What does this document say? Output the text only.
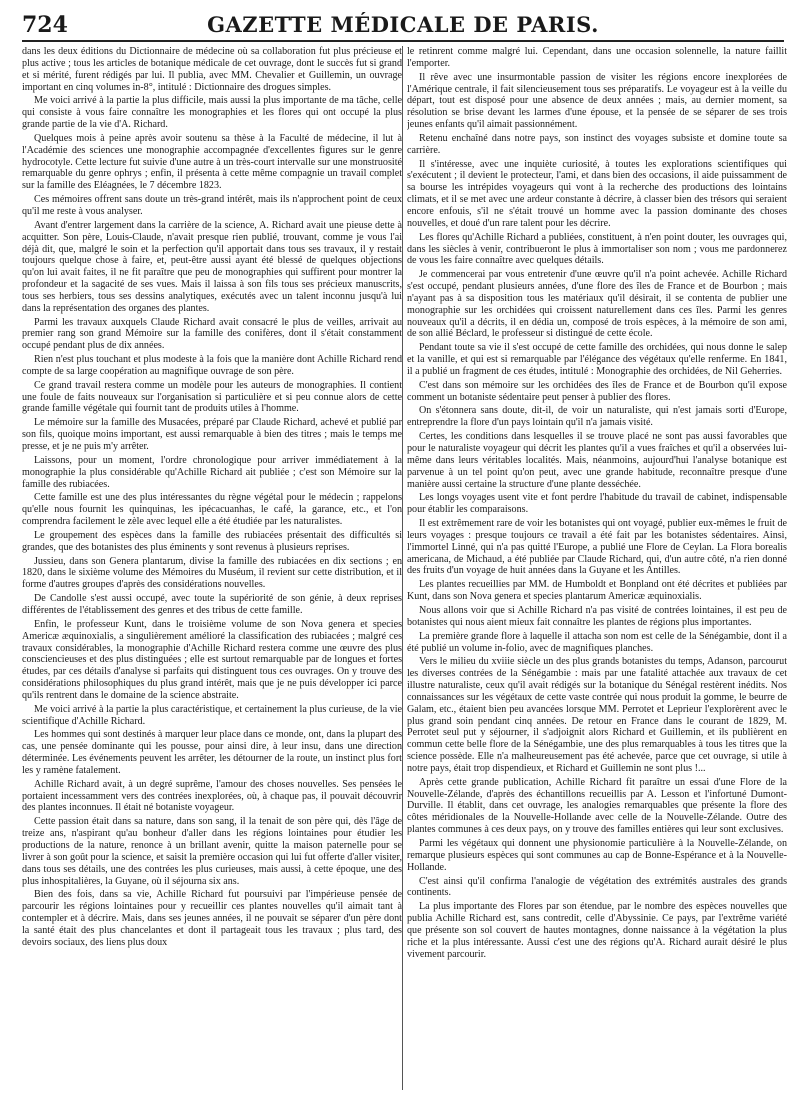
724	GAZETTE MÉDICALE DE PARIS.

dans les deux éditions du Dictionnaire de médecine où sa collaboration fut plus précieuse et plus active ; tous les articles de botanique médicale de cet ouvrage, dont le succès fut si grand et si mérité, furent rédigés par lui. Il publia, avec MM. Chevalier et Guillemin, un ouvrage important en cinq volumes in-8°, intitulé : Dictionnaire des drogues simples.

Me voici arrivé à la partie la plus difficile, mais aussi la plus importante de ma tâche, celle qui consiste à vous faire connaître les monographies et les flores qui ont occupé la plus grande partie de la vie d'A. Richard.

Quelques mois à peine après avoir soutenu sa thèse à la Faculté de médecine, il lut à l'Académie des sciences une monographie accompagnée d'excellentes figures sur le genre hydrocotyle. Cette lecture fut suivie d'une autre à un très-court intervalle sur une monstruosité remarquable du genre ophrys ; enfin, il présenta à cette même compagnie un travail complet sur la famille des Eléagnées, le 7 décembre 1823.

Ces mémoires offrent sans doute un très-grand intérêt, mais ils n'approchent point de ceux qu'il me reste à vous analyser.

Avant d'entrer largement dans la carrière de la science, A. Richard avait une pieuse dette à acquitter. Son père, Louis-Claude, n'avait presque rien publié, trouvant, comme je vous l'ai déjà dit, que, malgré le soin et la perfection qu'il apportait dans tous ses travaux, il y restait toujours quelque chose à faire, et, peut-être aussi ayant été blessé de quelques objections qu'on lui avait faites, il ne fit paraître que peu de monographies qui suffirent pour montrer la profondeur et la sagacité de ses vues. Mais il laissa à son fils tous ses précieux manuscrits, tous ses herbiers, tous ses dessins analytiques, exécutés avec un talent inconnu jusqu'à lui dans la représentation des organes des plantes.

Parmi les travaux auxquels Claude Richard avait consacré le plus de veilles, arrivait au premier rang son grand Mémoire sur la famille des conifères, dont il s'était constamment occupé pendant plus de dix années.

Rien n'est plus touchant et plus modeste à la fois que la manière dont Achille Richard rend compte de sa large coopération au magnifique ouvrage de son père.

Ce grand travail restera comme un modèle pour les auteurs de monographies. Il contient une foule de faits nouveaux sur l'organisation si particulière et si peu connue alors de cette grande famille végétale qui fournit tant de produits utiles à l'homme.

Le mémoire sur la famille des Musacées, préparé par Claude Richard, achevé et publié par son fils, quoique moins important, est aussi remarquable à bien des titres ; mais le temps me presse, et je ne puis m'y arrêter.

Laissons, pour un moment, l'ordre chronologique pour arriver immédiatement à la monographie la plus considérable qu'Achille Richard ait publiée ; c'est son Mémoire sur la famille des rubiacées.

Cette famille est une des plus intéressantes du règne végétal pour le médecin ; rappelons qu'elle nous fournit les quinquinas, les ipécacuanhas, le café, la garance, etc., et l'on comprendra facilement le zèle avec lequel elle a été étudiée par les naturalistes.

Le groupement des espèces dans la famille des rubiacées présentait des difficultés si grandes, que des botanistes des plus éminents y sont revenus à plusieurs reprises.

Jussieu, dans son Genera plantarum, divise la famille des rubiacées en dix sections ; en 1820, dans le sixième volume des Mémoires du Muséum, il revient sur cette distribution, et il forme d'autres groupes d'après des considérations nouvelles.

De Candolle s'est aussi occupé, avec toute la supériorité de son génie, à deux reprises différentes de l'établissement des genres et des tribus de cette famille.

Enfin, le professeur Kunt, dans le troisième volume de son Nova genera et species Americæ æquinoxialis, a singulièrement amélioré la classification des rubiacées ; malgré ces travaux considérables, la monographie d'Achille Richard restera comme une œuvre des plus consciencieuses et des plus distinguées ; elle est surtout remarquable par de longues et fortes études, par ces détails d'analyse si parfaits qui distinguent tous ces ouvrages. On y trouve des considérations philosophiques du plus grand intérêt, mais que je ne puis développer ici parce qu'ils rentrent dans le domaine de la science abstraite.

Me voici arrivé à la partie la plus caractéristique, et certainement la plus curieuse, de la vie scientifique d'Achille Richard.

Les hommes qui sont destinés à marquer leur place dans ce monde, ont, dans la plupart des cas, une pensée dominante qui les pousse, pour ainsi dire, à leur insu, dans une direction déterminée. Les événements peuvent les arrêter, les détourner de la route, un instinct plus fort les y ramène fatalement.

Achille Richard avait, à un degré suprême, l'amour des choses nouvelles. Ses pensées le portaient incessamment vers des contrées inexplorées, où, à chaque pas, il pouvait découvrir des plantes inconnues. Il était né botaniste voyageur.

Cette passion était dans sa nature, dans son sang, il la tenait de son père qui, dès l'âge de treize ans, n'aspirant qu'au bonheur d'aller dans les régions lointaines pour étudier les productions de la nature, renonce à un brillant avenir, quitte la maison paternelle pour se livrer à son goût pour la science, et saisit la première occasion qui lui fut offerte d'aller visiter, dans tous ses détails, une des contrées les plus curieuses, mais aussi, à cette époque, une des plus inhospitalières, la Guyane, où il séjourna six ans.

Bien des fois, dans sa vie, Achille Richard fut poursuivi par l'impérieuse pensée de parcourir les régions lointaines pour y recueillir ces plantes nouvelles qu'il aimait tant à contempler et à décrire. Mais, dans ses jeunes années, il ne pouvait se séparer d'un père dont la santé était des plus chancelantes et dont il partageait tous les travaux ; plus tard, des devoirs sociaux, des liens plus doux

le retinrent comme malgré lui. Cependant, dans une occasion solennelle, la nature faillit l'emporter.

Il rêve avec une insurmontable passion de visiter les régions encore inexplorées de l'Amérique centrale, il fait silencieusement tous ses préparatifs. Le voyageur est à la veille du départ, tout est disposé pour une absence de deux années ; mais, au dernier moment, sa résolution se brise devant les larmes d'une épouse, et la pensée de se séparer de ses trois jeunes enfants qu'il aimait passionnément.

Retenu enchaîné dans notre pays, son instinct des voyages subsiste et domine toute sa carrière.

Il s'intéresse, avec une inquiète curiosité, à toutes les explorations scientifiques qui s'exécutent ; il devient le protecteur, l'ami, et dans bien des occasions, il aide puissamment de sa bourse les intrépides voyageurs qui vont à la recherche des productions des lointains climats, et il se met avec une ardeur constante à décrire, à classer bien des trésors qui seraient encore enfouis, s'il ne s'était trouvé un homme avec la passion dominante des choses nouvelles, et doué d'un rare talent pour les décrire.

Les flores qu'Achille Richard a publiées, constituent, à n'en point douter, les ouvrages qui, dans les siècles à venir, contribueront le plus à immortaliser son nom ; vous me pardonnerez de vous les faire connaître avec quelques détails.

Je commencerai par vous entretenir d'une œuvre qu'il n'a point achevée. Achille Richard s'est occupé, pendant plusieurs années, d'une flore des îles de France et de Bourbon ; mais n'ayant pas à sa disposition tous les matériaux qu'il désirait, il se contenta de publier une monographie sur les orchidées qui croissent naturellement dans ces îles. Parmi les genres nouveaux qu'il a décrits, il en dédia un, composé de trois espèces, à la mémoire de son ami, de son allié Béclard, le professeur si distingué de cette école.

Pendant toute sa vie il s'est occupé de cette famille des orchidées, qui nous donne le salep et la vanille, et qui est si remarquable par l'élégance des végétaux qu'elle renferme. En 1841, il a publié un fragment de ces études, intitulé : Monographie des orchidées, de Nil Geherries.

C'est dans son mémoire sur les orchidées des îles de France et de Bourbon qu'il expose comment un botaniste sédentaire peut penser à publier des flores.

On s'étonnera sans doute, dit-il, de voir un naturaliste, qui n'est jamais sorti d'Europe, entreprendre la flore d'un pays lointain qu'il n'a jamais visité.

Certes, les conditions dans lesquelles il se trouve placé ne sont pas aussi favorables que pour le naturaliste voyageur qui décrit les plantes qu'il a vues fraîches et qu'il a observées lui-même dans leurs véritables localités. Mais, néanmoins, aujourd'hui l'analyse botanique est parvenue à un tel point qu'on peut, avec une grande habitude, reconnaître presque d'une manière aussi certaine la structure d'une plante desséchée.

Les longs voyages usent vite et font perdre l'habitude du travail de cabinet, indispensable pour établir les comparaisons.

Il est extrêmement rare de voir les botanistes qui ont voyagé, publier eux-mêmes le fruit de leurs voyages : presque toujours ce travail a été fait par les botanistes sédentaires. Ainsi, l'immortel Linné, qui n'a pas quitté l'Europe, a publié une Flore de Ceylan. La Flora borealis americana, de Michaud, a été publiée par Claude Richard, qui, d'un autre côté, n'a rien donné des fruits d'un voyage de huit années dans la Guyane et les Antilles.

Les plantes recueillies par MM. de Humboldt et Bonpland ont été décrites et publiées par Kunt, dans son Nova genera et species plantarum Americæ æquinoxialis.

Nous allons voir que si Achille Richard n'a pas visité de contrées lointaines, il est peu de botanistes qui nous aient mieux fait connaître les plantes de régions plus importantes.

La première grande flore à laquelle il attacha son nom est celle de la Sénégambie, dont il a été publié un volume in-folio, avec de magnifiques planches.

Vers le milieu du xviiie siècle un des plus grands botanistes du temps, Adanson, parcourut les diverses contrées de la Sénégambie : mais par une fatalité attachée aux travaux de cet illustre naturaliste, ceux qu'il avait rédigés sur la botanique du Sénégal restèrent inédits. Nos connaissances sur les végétaux de cette vaste contrée qui nous produit la gomme, le beurre de Galam, etc., étaient bien peu avancées lorsque MM. Perrotet et Leprieur l'explorèrent avec le plus grand soin pendant cinq années. De retour en France dans le courant de 1829, M. Perrotet seul put y séjourner, il s'adjoignit alors Richard et Guillemin, et ils publièrent en commun cette belle flore de la Sénégambie, une des plus remarquables à tous les titres que la science possède. Elle n'a malheureusement pas été achevée, parce que cet ouvrage, si utile à notre pays, était trop dispendieux, et Richard et Guillemin ne sont plus !...

Après cette grande publication, Achille Richard fit paraître un essai d'une Flore de la Nouvelle-Zélande, d'après des échantillons recueillis par A. Lesson et l'infortuné Dumont-Durville. Il établit, dans cet ouvrage, les analogies remarquables que présente la flore des côtes méridionales de la Nouvelle-Hollande avec celle de la Nouvelle-Zélande. Outre des plantes communes à ces deux pays, on y trouve des familles entières qui leur sont exclusives.

Parmi les végétaux qui donnent une physionomie particulière à la Nouvelle-Zélande, on remarque plusieurs espèces qui sont communes au cap de Bonne-Espérance et à la Nouvelle-Hollande.

C'est ainsi qu'il confirma l'analogie de végétation des extrémités australes des grands continents.

La plus importante des Flores par son étendue, par le nombre des espèces nouvelles que publia Achille Richard est, sans contredit, celle d'Abyssinie. Ce pays, par l'extrême variété que présente son sol couvert de hautes montagnes, donne naissance à la végétation la plus riche et la plus intéressante. Aussi c'est une des régions qu'A. Richard aurait désiré le plus vivement parcourir.
